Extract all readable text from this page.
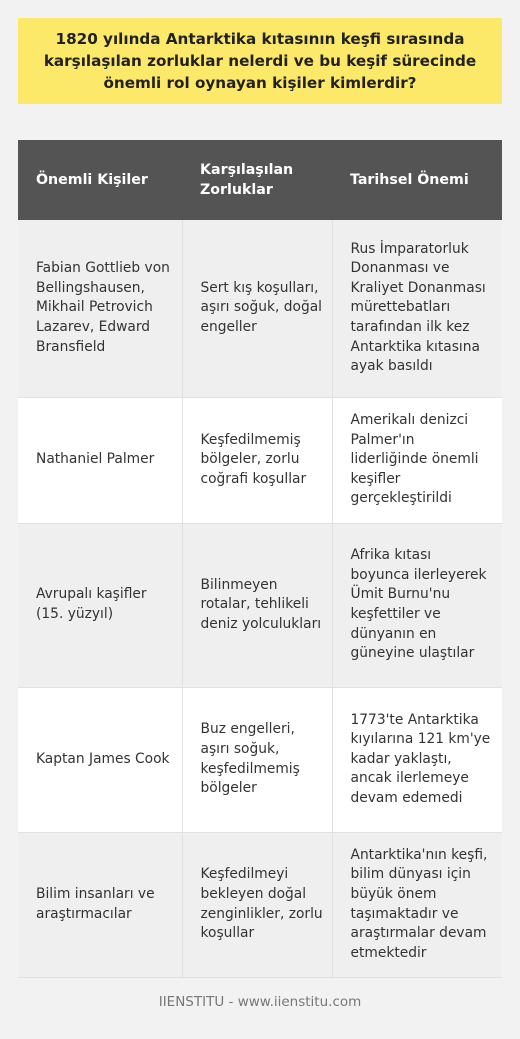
1820 yılında Antarktika kıtasının keşfi sırasında karşılaşılan zorluklar nelerdi ve bu keşif sürecinde önemli rol oynayan kişiler kimlerdir?
Önemli Kişiler	Karşılaşılan Zorluklar	Tarihsel Önemi
Fabian Gottlieb von Bellingshausen, Mikhail Petrovich Lazarev, Edward Bransfield	Sert kış koşulları, aşırı soğuk, doğal engeller	Rus İmparatorluk Donanması ve Kraliyet Donanması mürettebatları tarafından ilk kez Antarktika kıtasına ayak basıldı
Nathaniel Palmer	Keşfedilmemiş bölgeler, zorlu coğrafi koşullar	Amerikalı denizci Palmer'ın liderliğinde önemli keşifler gerçekleştirildi
Avrupalı kaşifler (15. yüzyıl)	Bilinmeyen rotalar, tehlikeli deniz yolculukları	Afrika kıtası boyunca ilerleyerek Ümit Burnu'nu keşfettiler ve dünyanın en güneyine ulaştılar
Kaptan James Cook	Buz engelleri, aşırı soğuk, keşfedilmemiş bölgeler	1773'te Antarktika kıyılarına 121 km'ye kadar yaklaştı, ancak ilerlemeye devam edemedi
Bilim insanları ve araştırmacılar	Keşfedilmeyi bekleyen doğal zenginlikler, zorlu koşullar	Antarktika'nın keşfi, bilim dünyası için büyük önem taşımaktadır ve araştırmalar devam etmektedir
IIENSTITU - www.iienstitu.com
